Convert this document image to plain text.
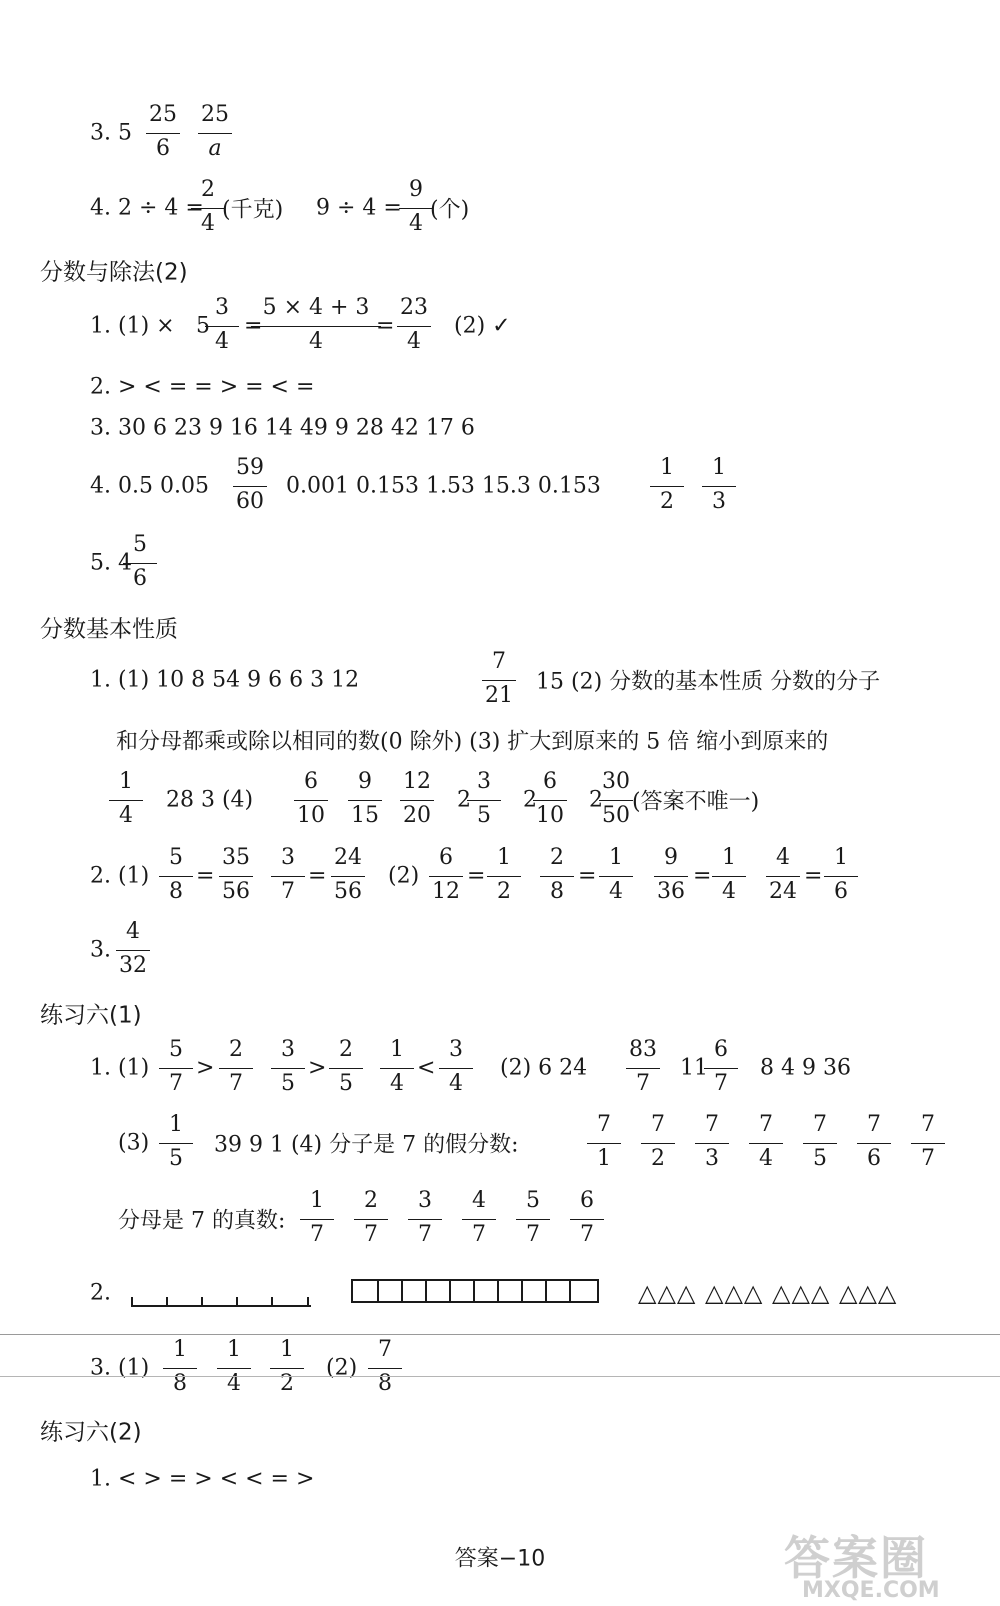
3. 5
25
6
25
a
4. 2 ÷ 4 =
2
4
(千克) 9 ÷ 4 =
9
4
(个)
分数与除法(2)
1. (1) × 5
3
4
=
5 × 4 + 3
4
=
23
4
(2) ✓
2. > < = = > = < =
3. 30 6 23 9 16 14 49 9 28 42 17 6
4. 0.5 0.05
59
60
0.001 0.153 1.53 15.3 0.153
1
2
1
3
5. 4
5
6
分数基本性质
1. (1) 10 8 54 9 6 6 3 12
7
21
15 (2) 分数的基本性质 分数的分子
和分母都乘或除以相同的数(0 除外) (3) 扩大到原来的 5 倍 缩小到原来的
1
4
28 3 (4)
6
10
9
15
12
20
2
3
5
2
6
10
2
30
50
(答案不唯一)
2. (1)
5
8
=
35
56
3
7
=
24
56
(2)
6
12
=
1
2
2
8
=
1
4
9
36
=
1
4
4
24
=
1
6
3.
4
32
练习六(1)
1. (1)
5
7
>
2
7
3
5
>
2
5
1
4
<
3
4
(2) 6 24
83
7
11
6
7
8 4 9 36
(3)
1
5
39 9 1 (4) 分子是 7 的假分数:
7
1
7
2
7
3
7
4
7
5
7
6
7
7
分母是 7 的真数:
1
7
2
7
3
7
4
7
5
7
6
7
2.	△△△ △△△ △△△ △△△
3. (1)
1
8
1
4
1
2
(2)
7
8
练习六(2)
1. < > = > < < = >
答案−10	答案圈
MXQE.COM
